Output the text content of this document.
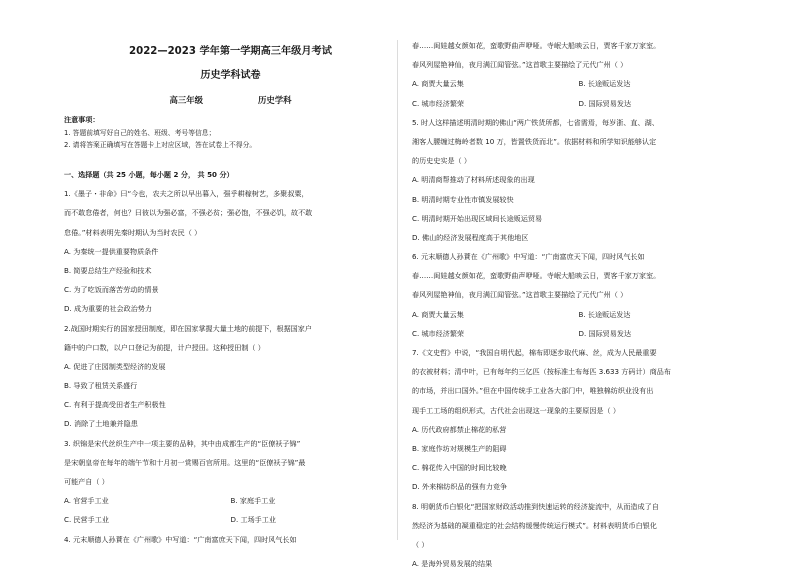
2022—2023 学年第一学期高三年级月考试
历史学科试卷
高三年级	历史学科
注意事项：
1. 答题前填写好自己的姓名、班级、考号等信息；
2. 请将答案正确填写在答题卡上对应区域，答在试卷上不得分。
一、选择题（共 25 小题，每小题 2 分， 共 50 分）
1.《墨子・非命》曰“今也，农夫之所以早出暮入，强乎耕稼树艺，多聚叔粟，
而不敢怠倦者，何也？曰彼以为强必富，不强必贫；强必饱，不强必饥，故不敢
怠倦。”材料表明先秦时期认为当时农民（ ）
A. 为秦统一提供重要物质条件
B. 简要总结生产经验和技术
C. 为了吃饭而落苦劳动的情景
D. 成为重要的社会政治势力
2.战国时期实行的国家授田制度，即在国家掌握大量土地的前提下，根据国家户
籍中的户口数，以户口登记为前提，计户授田。这种授田制（ ）
A. 促进了庄园制类型经济的发展
B. 导致了租赁关系盛行
C. 有利于提高受田者生产积极性
D. 消除了土地兼并隐患
3. 织锦是宋代丝织生产中一项主要的品种，其中由成都生产的“臣僚袄子锦”
是宋朝皇帝在每年的端午节和十月初一赏赐百官所用。这里的“臣僚袄子锦”最
可能产自（ ）
A. 官营手工业	B. 家庭手工业
C. 民营手工业	D. 工场手工业
4. 元末顺德人孙蕡在《广州歌》中写道：“广南富庶天下闻，四时风气长如
春……闺娃越女颜如花，蛮歌野曲声咿哑。寺岷大船映云日，贾客千家万家室。
春风列屋艳神仙，夜月满江闻管弦。”这首歌主要描绘了元代广州（ ）
A. 商贾大量云集	B. 长途贩运发达
C. 城市经济繁荣	D. 国际贸易发达
5. 时人这样描述明清时期的佛山“两广铁货所都，七省需焉，每岁浙、直、湖、
湘客人腰缠过梅岭者数 10 万，皆置铁货而北”。依据材料和所学知识能够认定
的历史史实是（ ）
A. 明清商帮推动了材料所述现象的出现
B. 明清时期专业性市镇发展较快
C. 明清时期开始出现区域间长途贩运贸易
D. 佛山的经济发展程度高于其他地区
6. 元末顺德人孙蕡在《广州歌》中写道：“广南富庶天下闻，四时风气长如
春……闺娃越女颜如花，蛮歌野曲声咿哑。寺岷大船映云日，贾客千家万家室。
春风列屋艳神仙，夜月满江闻管弦。”这首歌主要描绘了元代广州（ ）
A. 商贾大量云集	B. 长途贩运发达
C. 城市经济繁荣	D. 国际贸易发达
7.《文史哲》中说，“我国自明代起，棉布即逐步取代麻、丝，成为人民最重要
的衣被材料；清中叶，已有每年约三亿匹（按标准土布每匹 3.633 方码计）商品布
的市场，并出口国外。”但在中国传统手工业各大部门中，唯独棉纺织业没有出
现手工工场的组织形式，古代社会出现这一现象的主要原因是（ ）
A. 历代政府都禁止棉花的私营
B. 家庭作坊对规模生产的阻碍
C. 棉花传入中国的时间比较晚
D. 外来棉纺织品的强有力竞争
8. 明朝货币白银化“把国家财政活动推到快速运转的经济旋流中，从而造成了自
然经济为基础的凝重稳定的社会结构缓慢传统运行模式”。材料表明货币白银化
（ ）
A. 是海外贸易发展的结果
